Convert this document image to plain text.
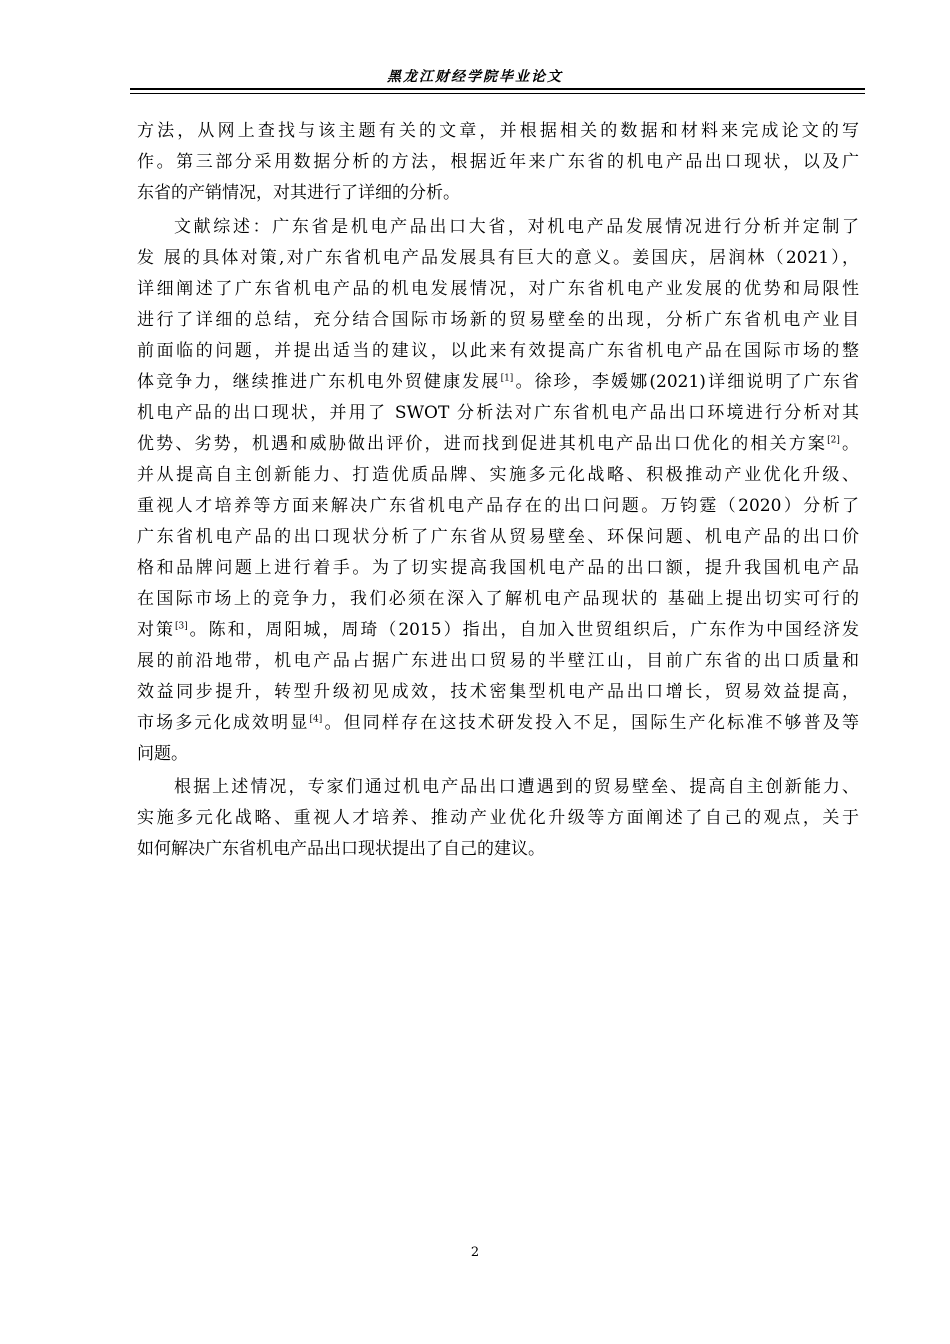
黑龙江财经学院毕业论文
方法，从网上查找与该主题有关的文章，并根据相关的数据和材料来完成论文的写
作。第三部分采用数据分析的方法，根据近年来广东省的机电产品出口现状，以及广
东省的产销情况，对其进行了详细的分析。
文献综述：广东省是机电产品出口大省，对机电产品发展情况进行分析并定制了
发 展的具体对策,对广东省机电产品发展具有巨大的意义。姜国庆，居润林（2021），
详细阐述了广东省机电产品的机电发展情况，对广东省机电产业发展的优势和局限性
进行了详细的总结，充分结合国际市场新的贸易壁垒的出现，分析广东省机电产业目
前面临的问题，并提出适当的建议，以此来有效提高广东省机电产品在国际市场的整
体竞争力，继续推进广东机电外贸健康发展[1]。徐珍，李媛娜(2021)详细说明了广东省
机电产品的出口现状，并用了 SWOT 分析法对广东省机电产品出口环境进行分析对其
优势、劣势，机遇和威胁做出评价，进而找到促进其机电产品出口优化的相关方案[2]。
并从提高自主创新能力、打造优质品牌、实施多元化战略、积极推动产业优化升级、
重视人才培养等方面来解决广东省机电产品存在的出口问题。万钧霆（2020）分析了
广东省机电产品的出口现状分析了广东省从贸易壁垒、环保问题、机电产品的出口价
格和品牌问题上进行着手。为了切实提高我国机电产品的出口额，提升我国机电产品
在国际市场上的竞争力，我们必须在深入了解机电产品现状的 基础上提出切实可行的
对策[3]。陈和，周阳城，周琦（2015）指出，自加入世贸组织后，广东作为中国经济发
展的前沿地带，机电产品占据广东进出口贸易的半壁江山，目前广东省的出口质量和
效益同步提升，转型升级初见成效，技术密集型机电产品出口增长，贸易效益提高，
市场多元化成效明显[4]。但同样存在这技术研发投入不足，国际生产化标准不够普及等
问题。
根据上述情况，专家们通过机电产品出口遭遇到的贸易壁垒、提高自主创新能力、
实施多元化战略、重视人才培养、推动产业优化升级等方面阐述了自己的观点，关于
如何解决广东省机电产品出口现状提出了自己的建议。
2
